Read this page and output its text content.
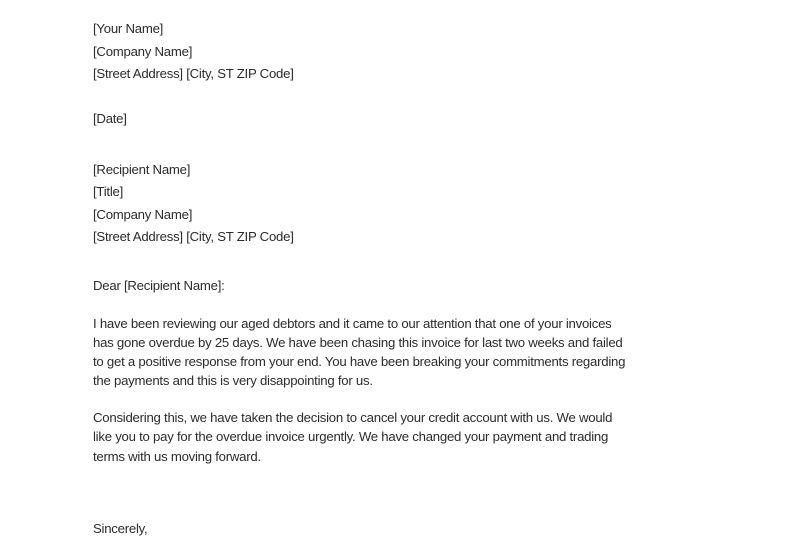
[Your Name]
[Company Name]
[Street Address] [City, ST ZIP Code]
[Date]
[Recipient Name]
[Title]
[Company Name]
[Street Address] [City, ST ZIP Code]
Dear [Recipient Name]:
I have been reviewing our aged debtors and it came to our attention that one of your invoices
has gone overdue by 25 days. We have been chasing this invoice for last two weeks and failed
to get a positive response from your end. You have been breaking your commitments regarding
the payments and this is very disappointing for us.
Considering this, we have taken the decision to cancel your credit account with us. We would
like you to pay for the overdue invoice urgently. We have changed your payment and trading
terms with us moving forward.
Sincerely,
